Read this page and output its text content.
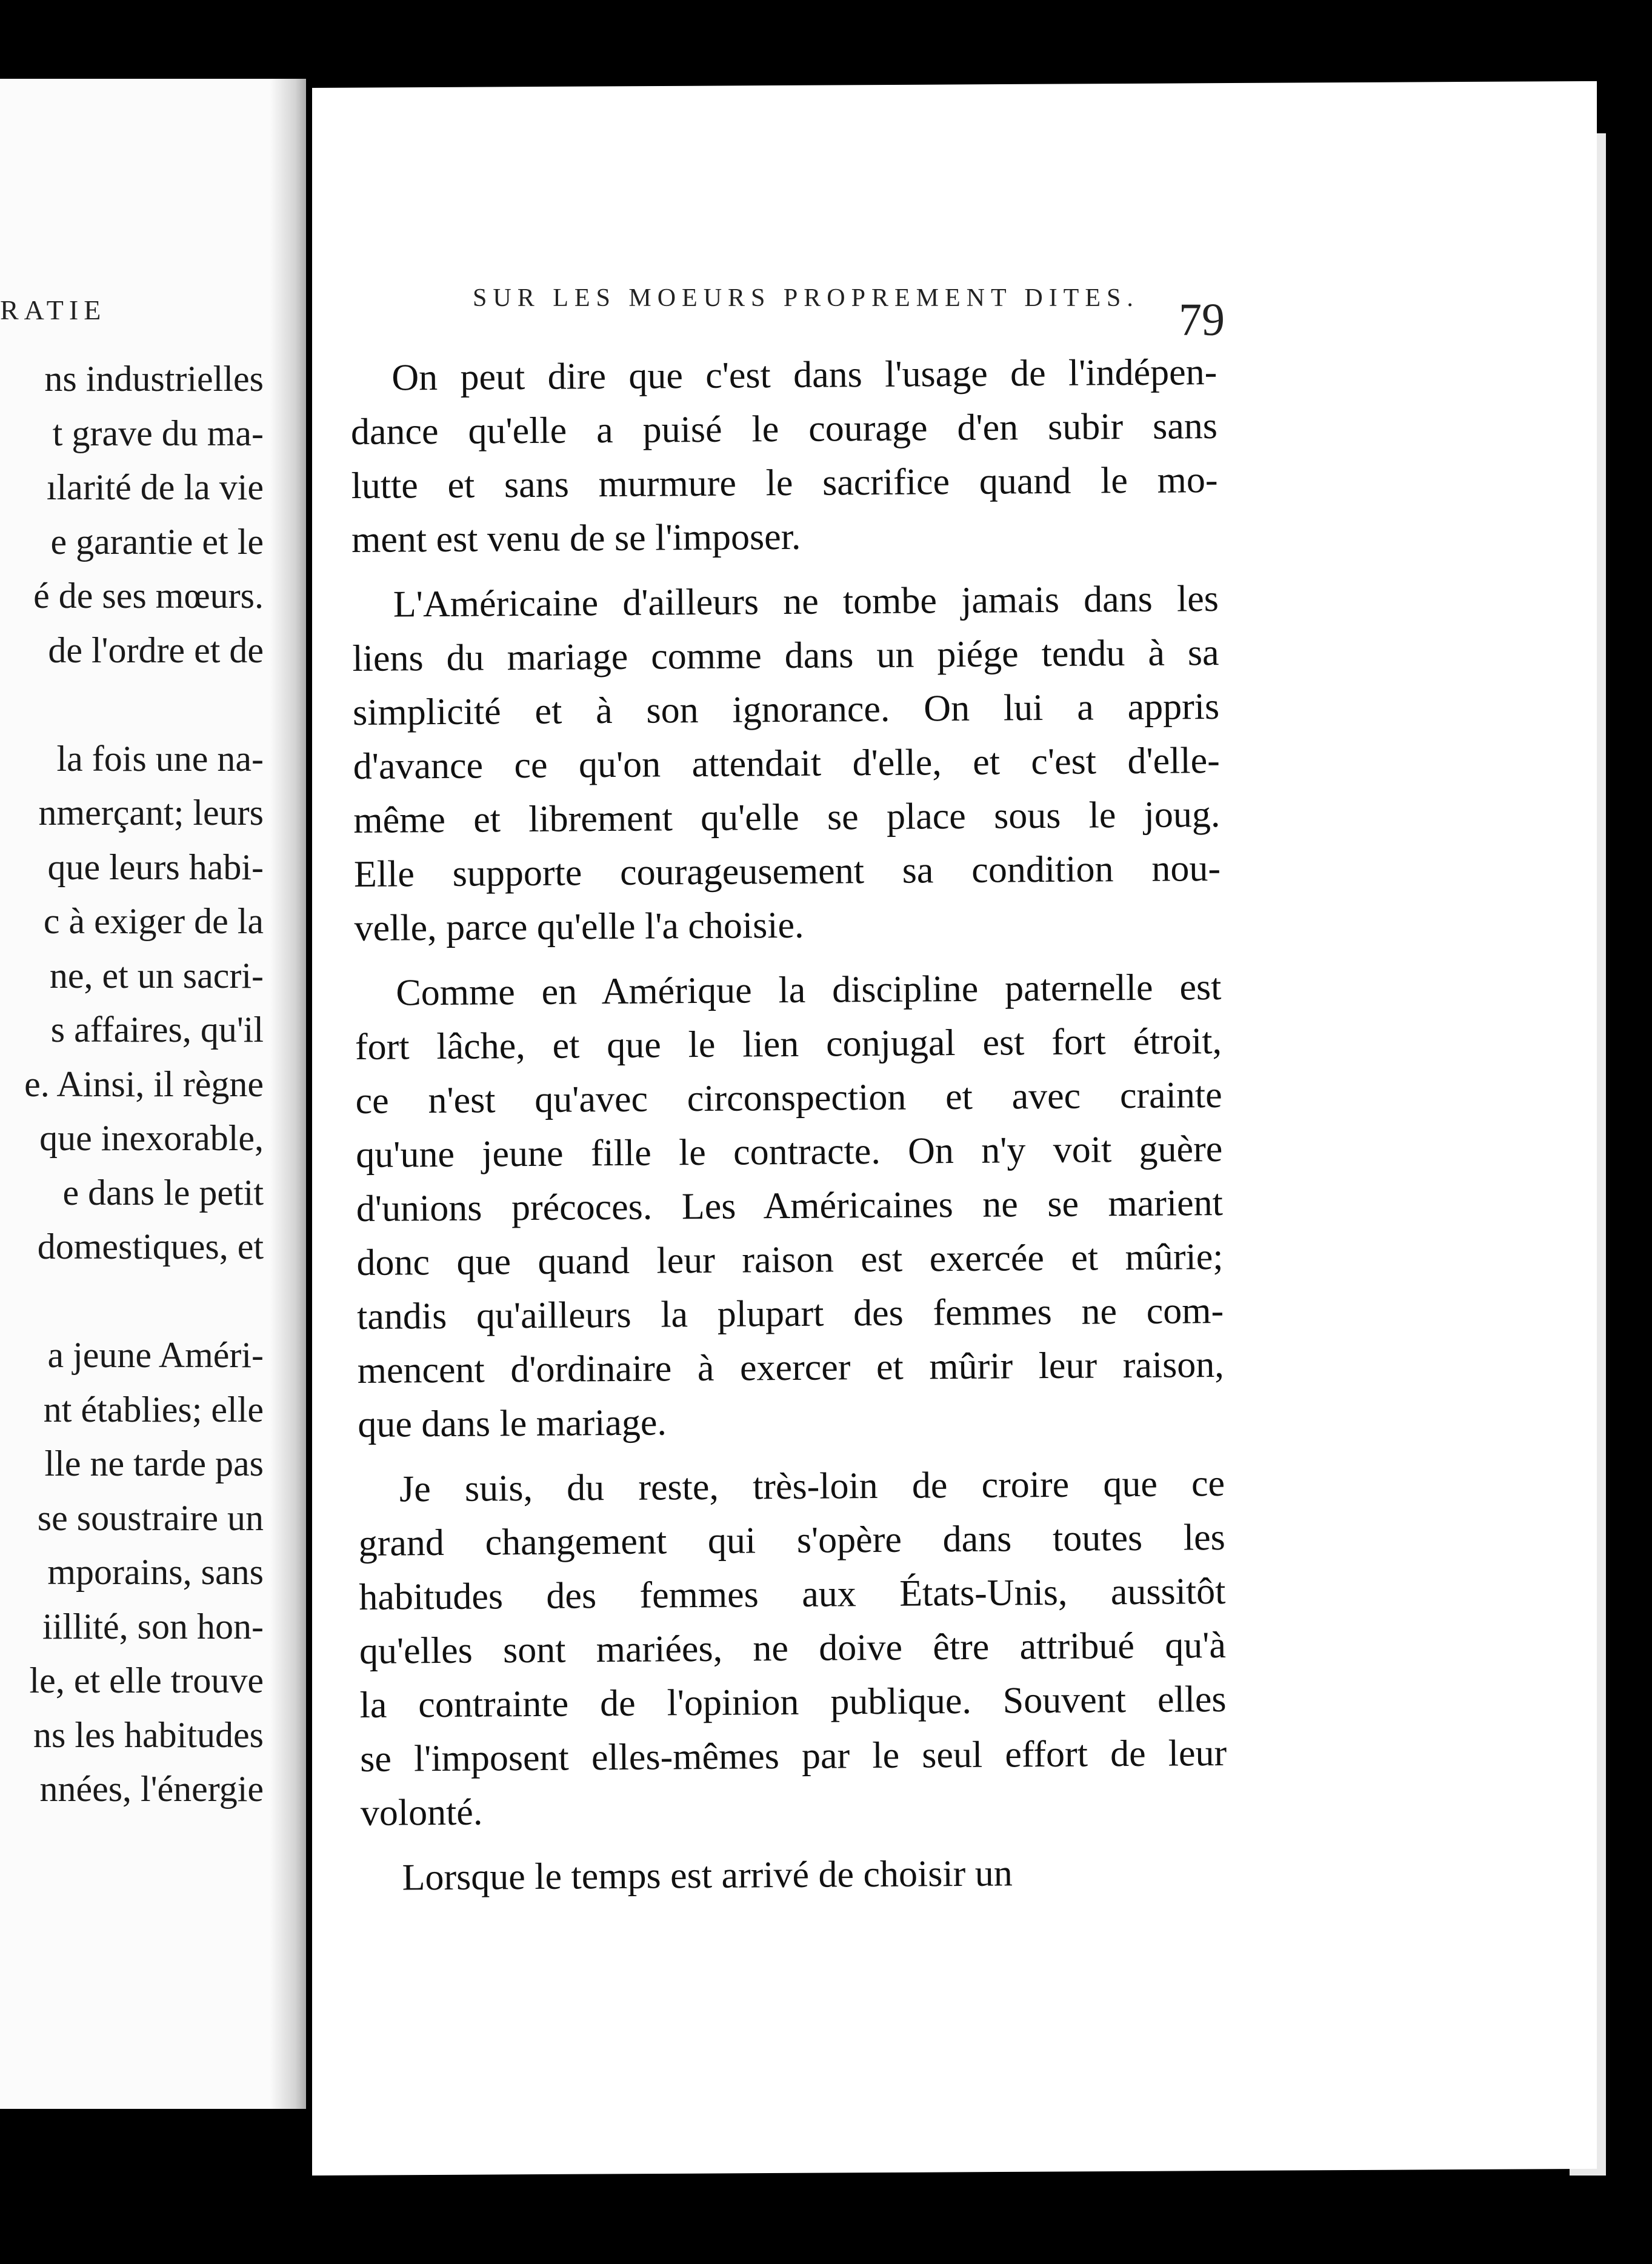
RATIE
ns industrielles
t grave du ma-
ılarité de la vie
e garantie et le
é de ses mœurs.
de l'ordre et de
la fois une na-
nmerçant; leurs
que leurs habi-
c à exiger de la
ne, et un sacri-
s affaires, qu'il
e. Ainsi, il règne
que inexorable,
e dans le petit
domestiques, et
a jeune Améri-
nt établies; elle
lle ne tarde pas
se soustraire un
mporains, sans
iillité, son hon-
le, et elle trouve
ns les habitudes
nnées, l'énergie
SUR LES MOEURS PROPREMENT DITES. 79
On peut dire que c'est dans l'usage de l'indépen-
dance qu'elle a puisé le courage d'en subir sans
lutte et sans murmure le sacrifice quand le mo-
ment est venu de se l'imposer.
L'Américaine d'ailleurs ne tombe jamais dans les
liens du mariage comme dans un piége tendu à sa
simplicité et à son ignorance. On lui a appris
d'avance ce qu'on attendait d'elle, et c'est d'elle-
même et librement qu'elle se place sous le joug.
Elle supporte courageusement sa condition nou-
velle, parce qu'elle l'a choisie.
Comme en Amérique la discipline paternelle est
fort lâche, et que le lien conjugal est fort étroit,
ce n'est qu'avec circonspection et avec crainte
qu'une jeune fille le contracte. On n'y voit guère
d'unions précoces. Les Américaines ne se marient
donc que quand leur raison est exercée et mûrie;
tandis qu'ailleurs la plupart des femmes ne com-
mencent d'ordinaire à exercer et mûrir leur raison,
que dans le mariage.
Je suis, du reste, très-loin de croire que ce
grand changement qui s'opère dans toutes les
habitudes des femmes aux États-Unis, aussitôt
qu'elles sont mariées, ne doive être attribué qu'à
la contrainte de l'opinion publique. Souvent elles
se l'imposent elles-mêmes par le seul effort de leur
volonté.
Lorsque le temps est arrivé de choisir un
